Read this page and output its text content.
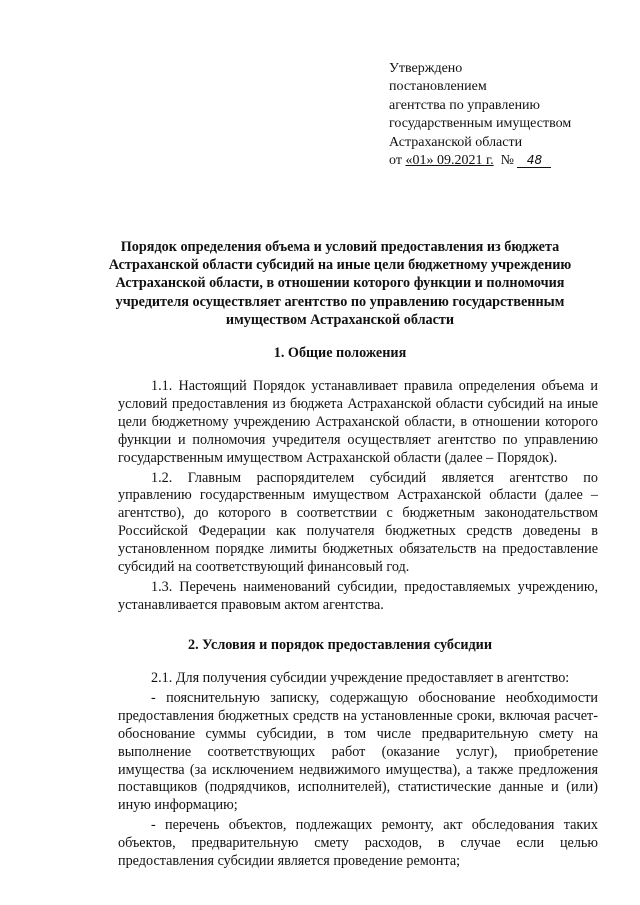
Утверждено
постановлением
агентства по управлению
государственным имуществом
Астраханской области
от «01» 09.2021 г. № 48
Порядок определения объема и условий предоставления из бюджета Астраханской области субсидий на иные цели бюджетному учреждению Астраханской области, в отношении которого функции и полномочия учредителя осуществляет агентство по управлению государственным имуществом Астраханской области
1. Общие положения

1.1. Настоящий Порядок устанавливает правила определения объема и условий предоставления из бюджета Астраханской области субсидий на иные цели бюджетному учреждению Астраханской области, в отношении которого функции и полномочия учредителя осуществляет агентство по управлению государственным имуществом Астраханской области (далее – Порядок).

1.2. Главным распорядителем субсидий является агентство по управлению государственным имуществом Астраханской области (далее – агентство), до которого в соответствии с бюджетным законодательством Российской Федерации как получателя бюджетных средств доведены в установленном порядке лимиты бюджетных обязательств на предоставление субсидий на соответствующий финансовый год.

1.3. Перечень наименований субсидии, предоставляемых учреждению, устанавливается правовым актом агентства.

2. Условия и порядок предоставления субсидии

2.1. Для получения субсидии учреждение предоставляет в агентство:

- пояснительную записку, содержащую обоснование необходимости предоставления бюджетных средств на установленные сроки, включая расчет-обоснование суммы субсидии, в том числе предварительную смету на выполнение соответствующих работ (оказание услуг), приобретение имущества (за исключением недвижимого имущества), а также предложения поставщиков (подрядчиков, исполнителей), статистические данные и (или) иную информацию;

- перечень объектов, подлежащих ремонту, акт обследования таких объектов, предварительную смету расходов, в случае если целью предоставления субсидии является проведение ремонта;
